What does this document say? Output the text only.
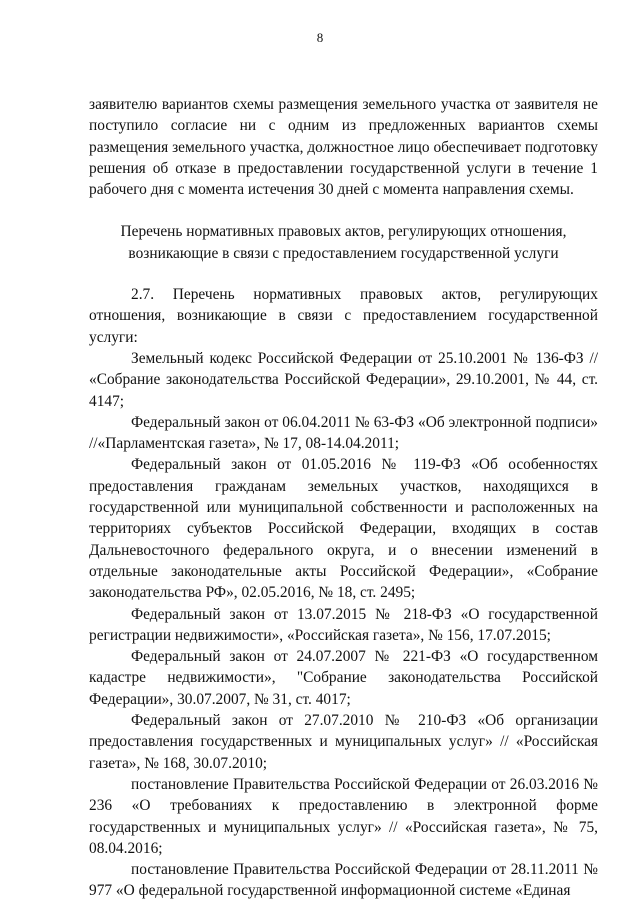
8

заявителю вариантов схемы размещения земельного участка от заявителя не поступило согласие ни с одним из предложенных вариантов схемы размещения земельного участка, должностное лицо обеспечивает подготовку решения об отказе в предоставлении государственной услуги в течение 1 рабочего дня с момента истечения 30 дней с момента направления схемы.

Перечень нормативных правовых актов, регулирующих отношения,

возникающие в связи с предоставлением государственной услуги

2.7. Перечень нормативных правовых актов, регулирующих отношения, возникающие в связи с предоставлением государственной услуги:

Земельный кодекс Российской Федерации от 25.10.2001 № 136-ФЗ // «Собрание законодательства Российской Федерации», 29.10.2001, № 44, ст. 4147;

Федеральный закон от 06.04.2011 № 63-ФЗ «Об электронной подписи» //«Парламентская газета», № 17, 08-14.04.2011;

Федеральный закон от 01.05.2016 № 119-ФЗ «Об особенностях предоставления гражданам земельных участков, находящихся в государственной или муниципальной собственности и расположенных на территориях субъектов Российской Федерации, входящих в состав Дальневосточного федерального округа, и о внесении изменений в отдельные законодательные акты Российской Федерации», «Собрание законодательства РФ», 02.05.2016, № 18, ст. 2495;

Федеральный закон от 13.07.2015 № 218-ФЗ «О государственной регистрации недвижимости», «Российская газета», № 156, 17.07.2015;

Федеральный закон от 24.07.2007 № 221-ФЗ «О государственном кадастре недвижимости», "Собрание законодательства Российской Федерации», 30.07.2007, № 31, ст. 4017;

Федеральный закон от 27.07.2010 № 210-ФЗ «Об организации предоставления государственных и муниципальных услуг» // «Российская газета», № 168, 30.07.2010;

постановление Правительства Российской Федерации от 26.03.2016 № 236 «О требованиях к предоставлению в электронной форме государственных и муниципальных услуг» // «Российская газета», № 75, 08.04.2016;

постановление Правительства Российской Федерации от 28.11.2011 № 977 «О федеральной государственной информационной системе «Единая
